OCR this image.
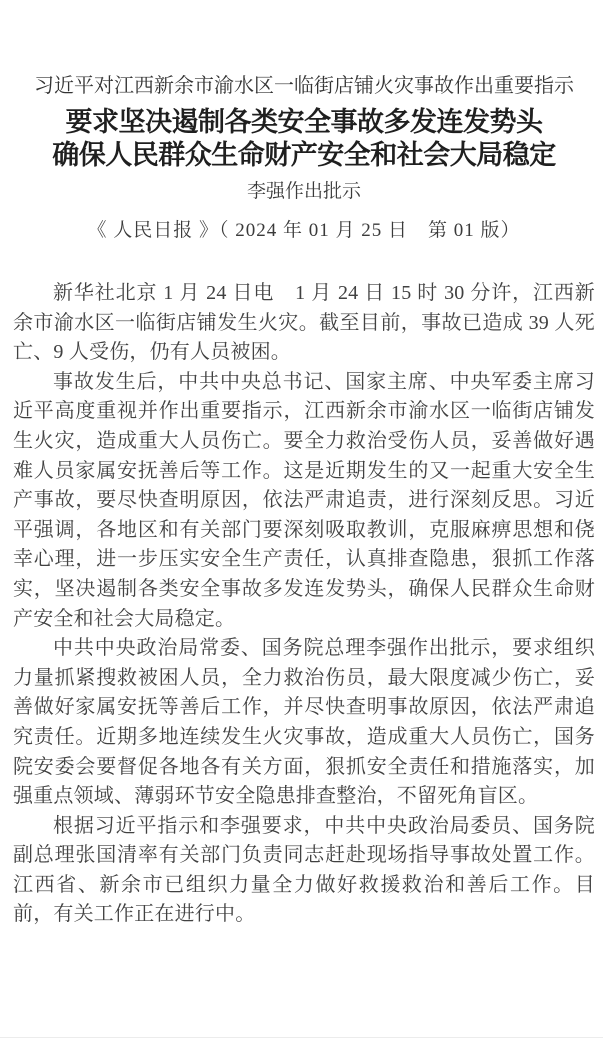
习近平对江西新余市渝水区一临街店铺火灾事故作出重要指示

要求坚决遏制各类安全事故多发连发势头
确保人民群众生命财产安全和社会大局稳定

李强作出批示

《 人民日报 》（ 2024 年 01 月 25 日　第 01 版）

新华社北京 1 月 24 日电　1 月 24 日 15 时 30 分许，江西新余市渝水区一临街店铺发生火灾。截至目前，事故已造成 39 人死亡、9 人受伤，仍有人员被困。

事故发生后，中共中央总书记、国家主席、中央军委主席习近平高度重视并作出重要指示，江西新余市渝水区一临街店铺发生火灾，造成重大人员伤亡。要全力救治受伤人员，妥善做好遇难人员家属安抚善后等工作。这是近期发生的又一起重大安全生产事故，要尽快查明原因，依法严肃追责，进行深刻反思。习近平强调，各地区和有关部门要深刻吸取教训，克服麻痹思想和侥幸心理，进一步压实安全生产责任，认真排查隐患，狠抓工作落实，坚决遏制各类安全事故多发连发势头，确保人民群众生命财产安全和社会大局稳定。

中共中央政治局常委、国务院总理李强作出批示，要求组织力量抓紧搜救被困人员，全力救治伤员，最大限度减少伤亡，妥善做好家属安抚等善后工作，并尽快查明事故原因，依法严肃追究责任。近期多地连续发生火灾事故，造成重大人员伤亡，国务院安委会要督促各地各有关方面，狠抓安全责任和措施落实，加强重点领域、薄弱环节安全隐患排查整治，不留死角盲区。

根据习近平指示和李强要求，中共中央政治局委员、国务院副总理张国清率有关部门负责同志赶赴现场指导事故处置工作。江西省、新余市已组织力量全力做好救援救治和善后工作。目前，有关工作正在进行中。
